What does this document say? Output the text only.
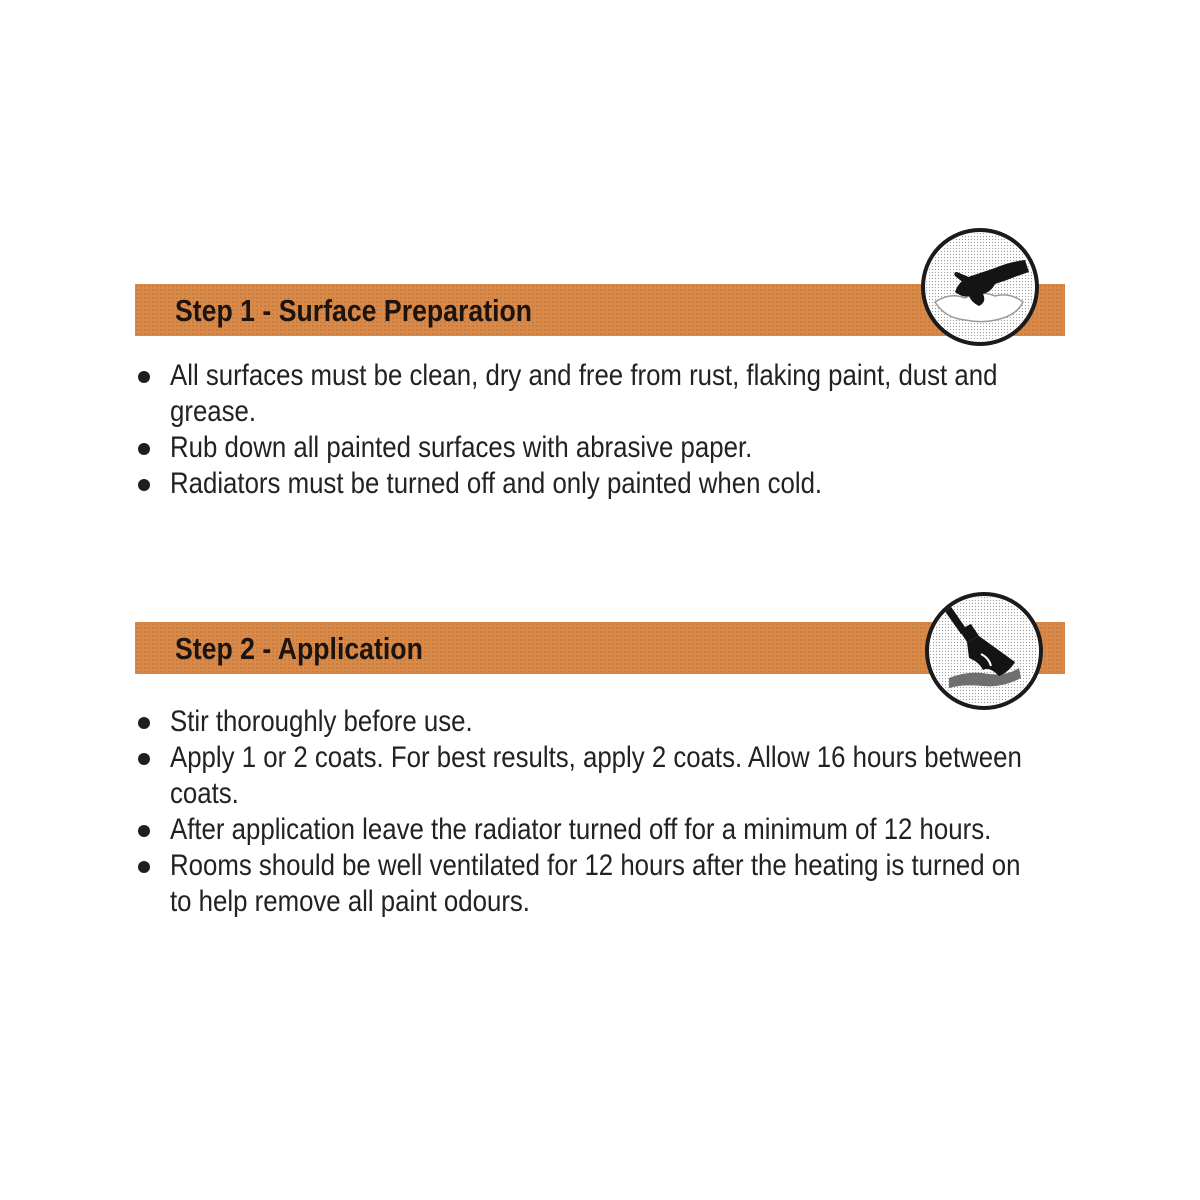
Step 1 - Surface Preparation
All surfaces must be clean, dry and free from rust, flaking paint, dust and grease.
Rub down all painted surfaces with abrasive paper.
Radiators must be turned off and only painted when cold.
Step 2 - Application
Stir thoroughly before use.
Apply 1 or 2 coats. For best results, apply 2 coats. Allow 16 hours between coats.
After application leave the radiator turned off for a minimum of 12 hours.
Rooms should be well ventilated for 12 hours after the heating is turned on to help remove all paint odours.
